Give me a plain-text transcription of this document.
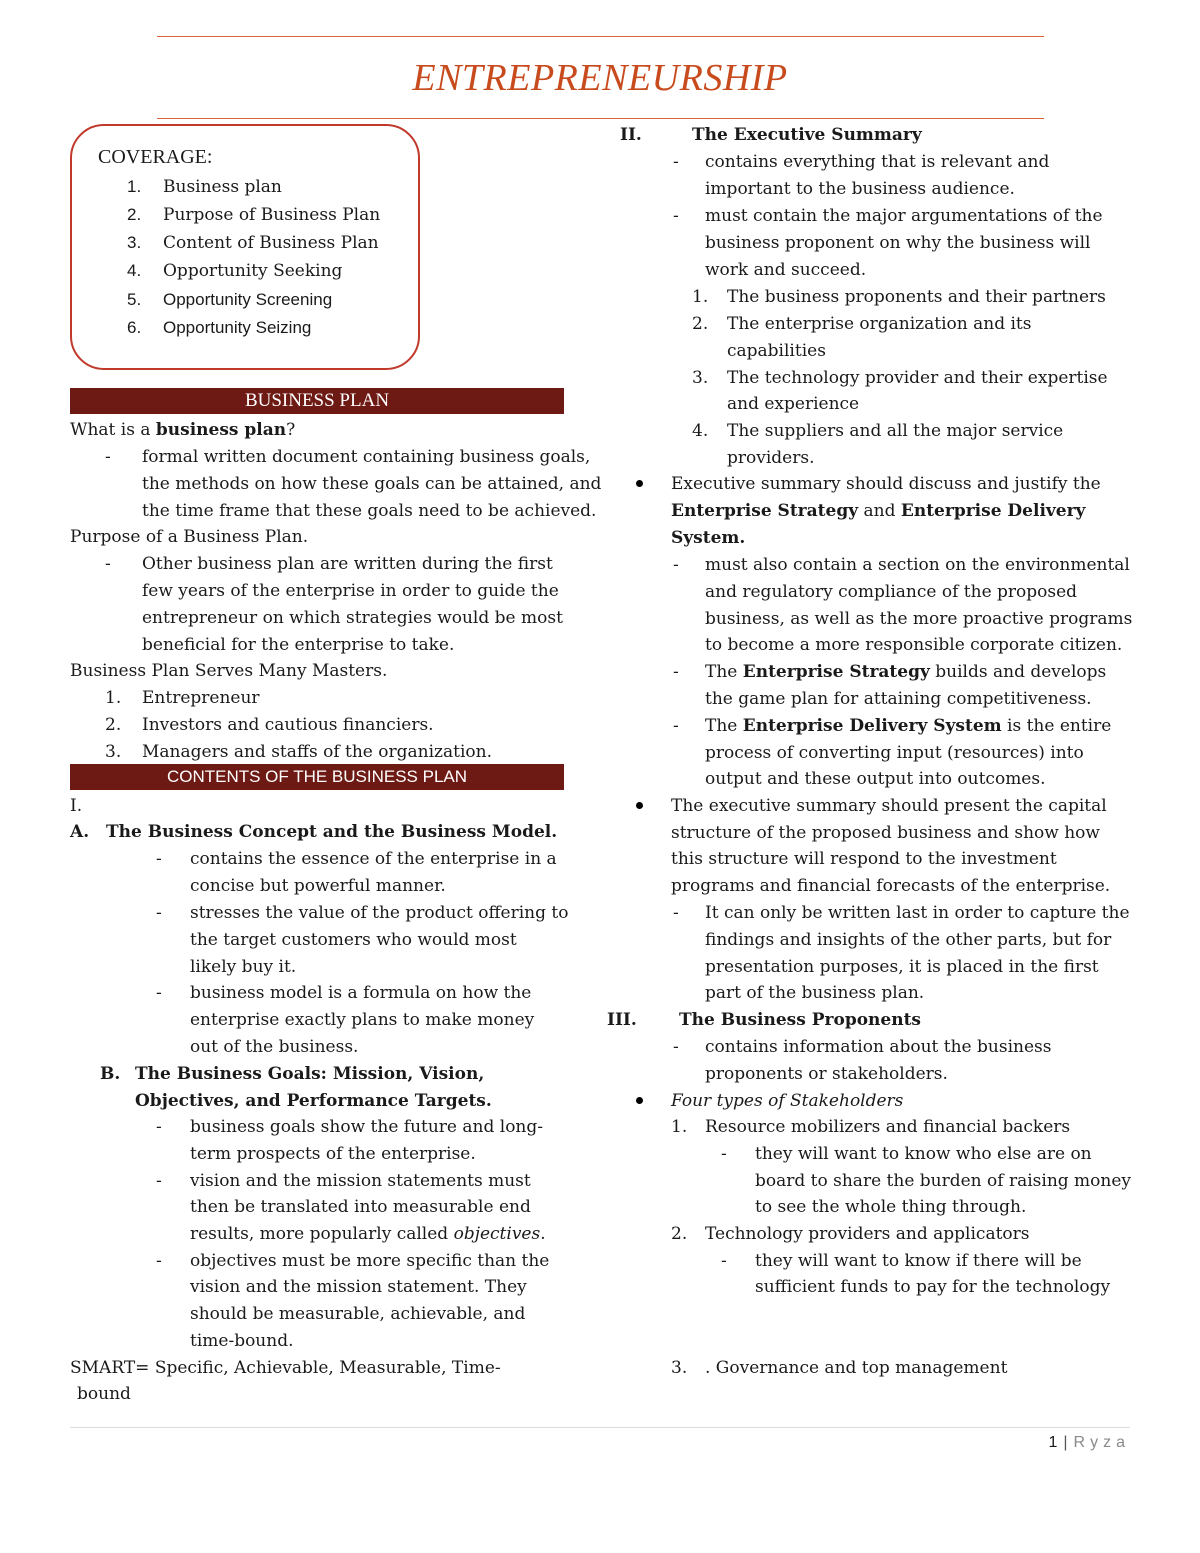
ENTREPRENEURSHIP
COVERAGE:
1. Business plan
2. Purpose of Business Plan
3. Content of Business Plan
4. Opportunity Seeking
5. Opportunity Screening
6. Opportunity Seizing
BUSINESS PLAN
What is a business plan?
- formal written document containing business goals,
the methods on how these goals can be attained, and
the time frame that these goals need to be achieved.
Purpose of a Business Plan.
- Other business plan are written during the first
few years of the enterprise in order to guide the
entrepreneur on which strategies would be most
beneficial for the enterprise to take.
Business Plan Serves Many Masters.
1. Entrepreneur
2. Investors and cautious financiers.
3. Managers and staffs of the organization.
CONTENTS OF THE BUSINESS PLAN
I.
A. The Business Concept and the Business Model.
- contains the essence of the enterprise in a
concise but powerful manner.
- stresses the value of the product offering to
the target customers who would most
likely buy it.
- business model is a formula on how the
enterprise exactly plans to make money
out of the business.
B. The Business Goals: Mission, Vision,
Objectives, and Performance Targets.
- business goals show the future and long-
term prospects of the enterprise.
- vision and the mission statements must
then be translated into measurable end
results, more popularly called objectives.
- objectives must be more specific than the
vision and the mission statement. They
should be measurable, achievable, and
time-bound.
SMART= Specific, Achievable, Measurable, Time-
bound
II.	The Executive Summary
- contains everything that is relevant and
important to the business audience.
- must contain the major argumentations of the
business proponent on why the business will
work and succeed.
1. The business proponents and their partners
2. The enterprise organization and its
capabilities
3. The technology provider and their expertise
and experience
4. The suppliers and all the major service
providers.
Executive summary should discuss and justify the
Enterprise Strategy and Enterprise Delivery
System.
- must also contain a section on the environmental
and regulatory compliance of the proposed
business, as well as the more proactive programs
to become a more responsible corporate citizen.
- The Enterprise Strategy builds and develops
the game plan for attaining competitiveness.
- The Enterprise Delivery System is the entire
process of converting input (resources) into
output and these output into outcomes.
The executive summary should present the capital
structure of the proposed business and show how
this structure will respond to the investment
programs and financial forecasts of the enterprise.
- It can only be written last in order to capture the
findings and insights of the other parts, but for
presentation purposes, it is placed in the first
part of the business plan.
III. The Business Proponents
- contains information about the business
proponents or stakeholders.
Four types of Stakeholders
1. Resource mobilizers and financial backers
- they will want to know who else are on
board to share the burden of raising money
to see the whole thing through.
2. Technology providers and applicators
- they will want to know if there will be
sufficient funds to pay for the technology
3. . Governance and top management
1 | Ryza
